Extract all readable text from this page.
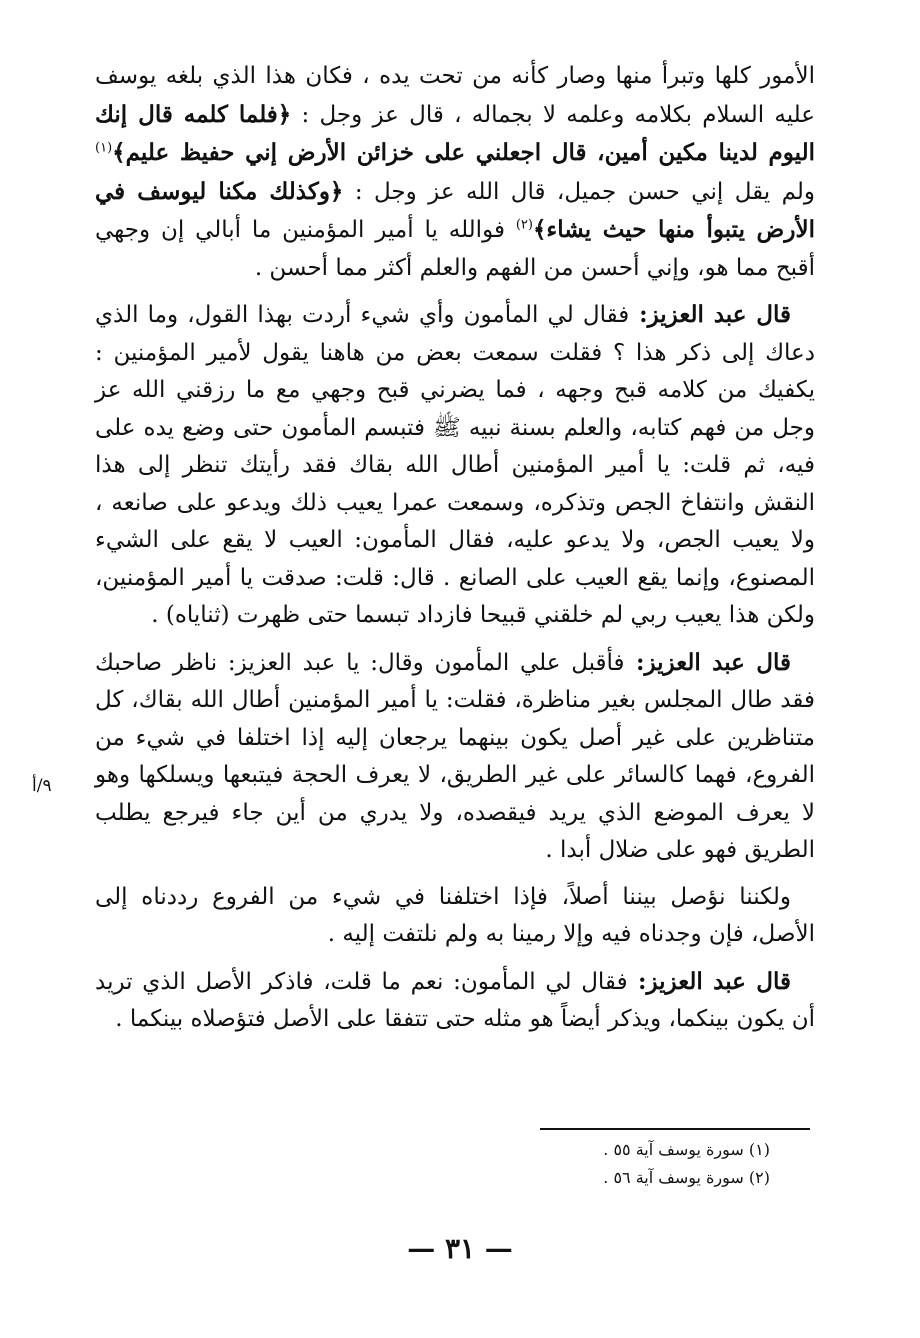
الأمور كلها وتبرأ منها وصار كأنه من تحت يده ، فكان هذا الذي بلغه يوسف عليه السلام بكلامه وعلمه لا بجماله ، قال عز وجل : ﴿فلما كلمه قال إنك اليوم لدينا مكين أمين، قال اجعلني على خزائن الأرض إني حفيظ عليم﴾$^{(١)}$ ولم يقل إني حسن جميل، قال الله عز وجل : ﴿وكذلك مكنا ليوسف في الأرض يتبوأ منها حيث يشاء﴾$^{(٢)}$ فوالله يا أمير المؤمنين ما أبالي إن وجهي أقبح مما هو، وإني أحسن من الفهم والعلم أكثر مما أحسن .

قال عبد العزيز: فقال لي المأمون وأي شيء أردت بهذا القول، وما الذي دعاك إلى ذكر هذا ؟ فقلت سمعت بعض من هاهنا يقول لأمير المؤمنين : يكفيك من كلامه قبح وجهه ، فما يضرني قبح وجهي مع ما رزقني الله عز وجل من فهم كتابه، والعلم بسنة نبيه ﷺ فتبسم المأمون حتى وضع يده على فيه، ثم قلت: يا أمير المؤمنين أطال الله بقاك فقد رأيتك تنظر إلى هذا النقش وانتفاخ الجص وتذكره، وسمعت عمرا يعيب ذلك ويدعو على صانعه ، ولا يعيب الجص، ولا يدعو عليه، فقال المأمون: العيب لا يقع على الشيء المصنوع، وإنما يقع العيب على الصانع . قال: قلت: صدقت يا أمير المؤمنين، ولكن هذا يعيب ربي لم خلقني قبيحا فازداد تبسما حتى ظهرت (ثناياه) .

قال عبد العزيز: فأقبل علي المأمون وقال: يا عبد العزيز: ناظر صاحبك فقد طال المجلس بغير مناظرة، فقلت: يا أمير المؤمنين أطال الله بقاك، كل متناظرين على غير أصل يكون بينهما يرجعان إليه إذا اختلفا في شيء من الفروع، فهما كالسائر على غير الطريق، لا يعرف الحجة فيتبعها ويسلكها وهو لا يعرف الموضع الذي يريد فيقصده، ولا يدري من أين جاء فيرجع يطلب الطريق فهو على ضلال أبدا .

ولكننا نؤصل بيننا أصلاً، فإذا اختلفنا في شيء من الفروع رددناه إلى الأصل، فإن وجدناه فيه وإلا رمينا به ولم نلتفت إليه .

قال عبد العزيز: فقال لي المأمون: نعم ما قلت، فاذكر الأصل الذي تريد أن يكون بينكما، ويذكر أيضاً هو مثله حتى تتفقا على الأصل فتؤصلاه بينكما .

٩/أ

(١) سورة يوسف آية ٥٥ .

(٢) سورة يوسف آية ٥٦ .

— ٣١ —
